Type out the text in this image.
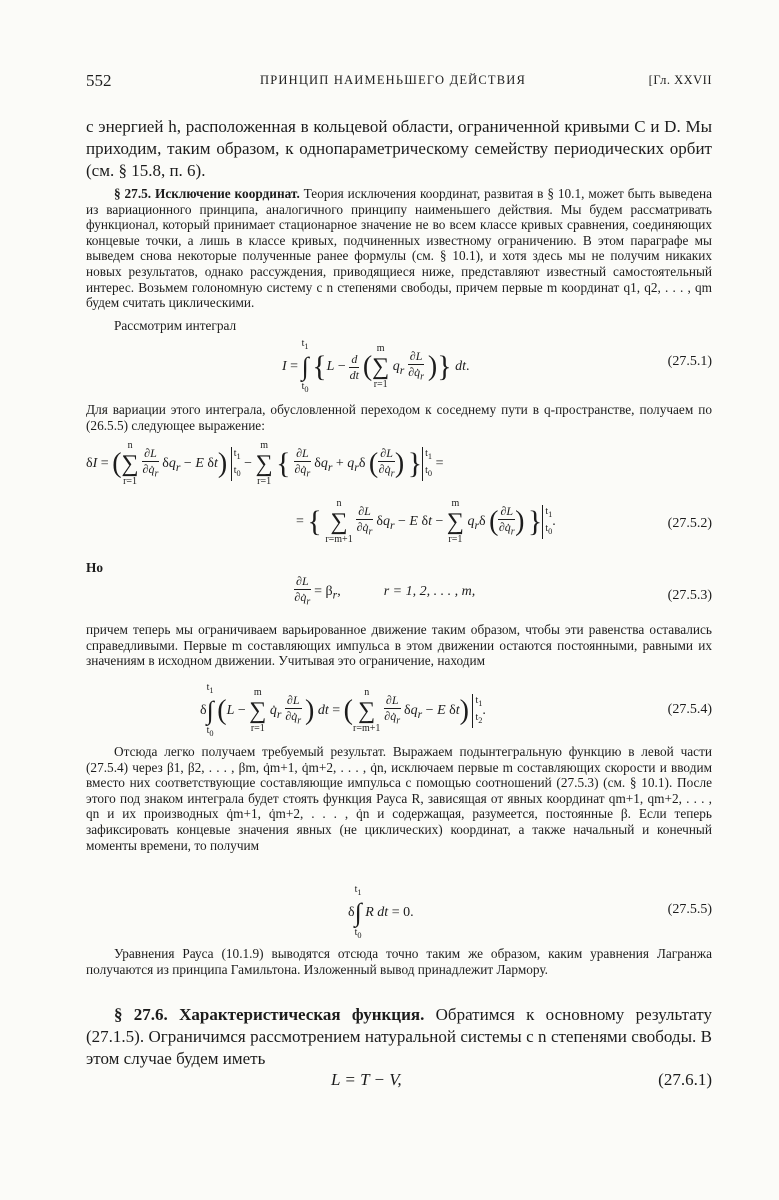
552	ПРИНЦИП НАИМЕНЬШЕГО ДЕЙСТВИЯ	[Гл. XXVII
с энергией h, расположенная в кольцевой области, ограниченной кривыми C и D. Мы приходим, таким образом, к однопараметрическому семейству периодических орбит (см. § 15.8, п. 6).
§ 27.5. Исключение координат. Теория исключения координат, развитая в § 10.1, может быть выведена из вариационного принципа, аналогичного принципу наименьшего действия. Мы будем рассматривать функционал, который принимает стационарное значение не во всем классе кривых сравнения, соединяющих концевые точки, а лишь в классе кривых, подчиненных известному ограничению. В этом параграфе мы выведем снова некоторые полученные ранее формулы (см. § 10.1), и хотя здесь мы не получим никаких новых результатов, однако рассуждения, приводящиеся ниже, представляют известный самостоятельный интерес. Возьмем голономную систему с n степенями свободы, причем первые m координат q1, q2, . . . , qm будем считать циклическими.
Рассмотрим интеграл
$I = t_1$
∫
$t_0$ {$L - \frac{d}{dt} (m$
∑
r=1 $q_r \frac{\partial L}{\partial q̇_r}$ )} dt.	(27.5.1)
Для вариации этого интеграла, обусловленной переходом к соседнему пути в q-пространстве, получаем по (26.5.5) следующее выражение:
δI = (n
∑
$r=1 \frac{\partial L}{\partial q̇_r} \delta q_r - E$ δt) $t_1$
$t_0 - m$
∑
r=1 { $\frac{\partial L}{\partial q̇_r} \delta q_r + q_r\delta$ ( $\frac{\partial L}{\partial q̇_r}$ ) } $t_1$
$t_0$ =
= { n
∑
$r=m+1 \frac{\partial L}{\partial q̇_r} \delta q_r - E$ δt − m
∑
r=1 $q_r\delta$ ( $\frac{\partial L}{\partial q̇_r}$ ) } $t_1$
$t_0$.	(27.5.2)
Но
$\frac{\partial L}{\partial q̇_r} = \beta_r$,	r = 1, 2, . . . , m,	(27.5.3)
причем теперь мы ограничиваем варьированное движение таким образом, чтобы эти равенства оставались справедливыми. Первые m составляющих импульса в этом движении остаются постоянными, равными их значениям в исходном движении. Учитывая это ограничение, находим
$\delta t_1$
∫
$t_0$ (L − m
∑
r=1 $q̇_r \frac{\partial L}{\partial q̇_r}$ ) dt = (n
∑
$r=m+1 \frac{\partial L}{\partial q̇_r} \delta q_r - E$ δt) $t_1$
$t_2$.	(27.5.4)
Отсюда легко получаем требуемый результат. Выражаем подынтегральную функцию в левой части (27.5.4) через β1, β2, . . . , βm, q̇m+1, q̇m+2, . . . , q̇n, исключаем первые m составляющих скорости и вводим вместо них соответствующие составляющие импульса с помощью соотношений (27.5.3) (см. § 10.1). После этого под знаком интеграла будет стоять функция Рауса R, зависящая от явных координат qm+1, qm+2, . . . , qn и их производных q̇m+1, q̇m+2, . . . , q̇n и содержащая, разумеется, постоянные β. Если теперь зафиксировать концевые значения явных (не циклических) координат, а также начальный и конечный моменты времени, то получим
$\delta t_1$
∫
$t_0$ R dt = 0.	(27.5.5)
Уравнения Рауса (10.1.9) выводятся отсюда точно таким же образом, каким уравнения Лагранжа получаются из принципа Гамильтона. Изложенный вывод принадлежит Лармору.
§ 27.6. Характеристическая функция. Обратимся к основному результату (27.1.5). Ограничимся рассмотрением натуральной системы с n степенями свободы. В этом случае будем иметь
L = T − V,	(27.6.1)
